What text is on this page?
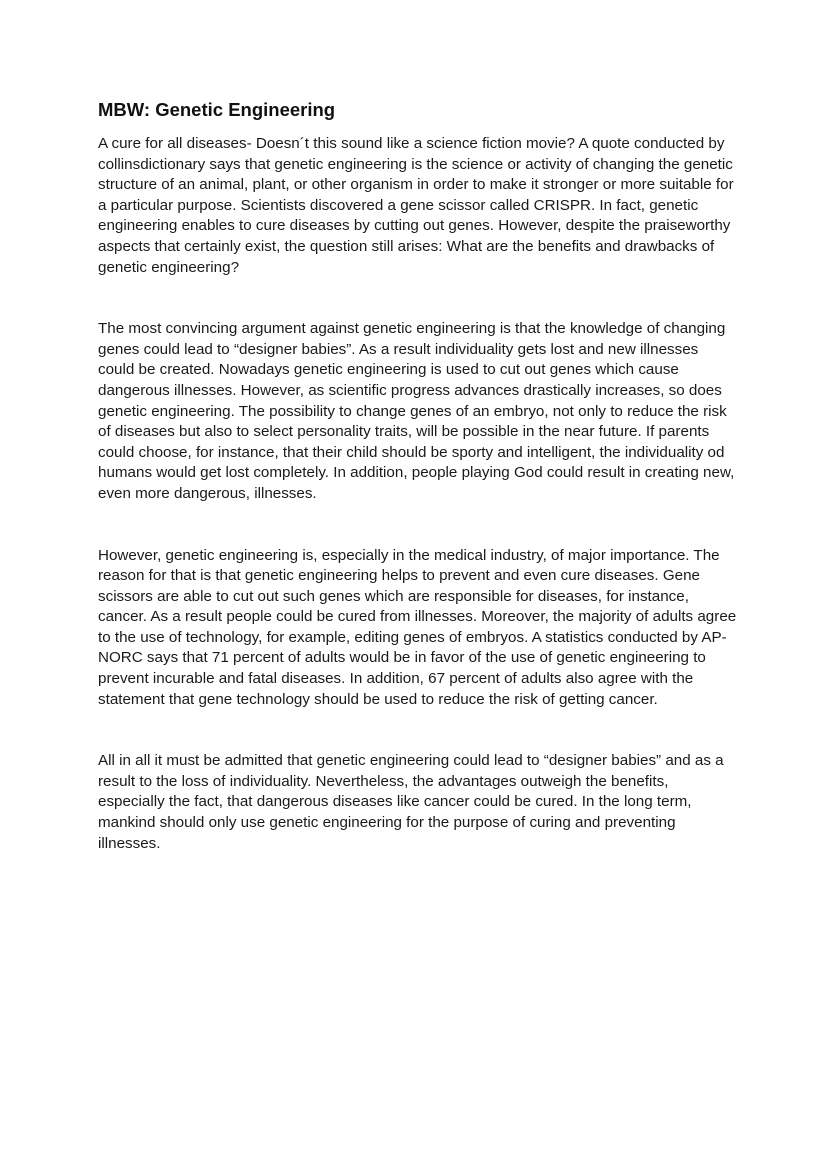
MBW: Genetic Engineering

A cure for all diseases- Doesn´t this sound like a science fiction movie? A quote conducted by collinsdictionary says that genetic engineering is the science or activity of changing the genetic structure of an animal, plant, or other organism in order to make it stronger or more suitable for a particular purpose. Scientists discovered a gene scissor called CRISPR. In fact, genetic engineering enables to cure diseases by cutting out genes. However, despite the praiseworthy aspects that certainly exist, the question still arises: What are the benefits and drawbacks of genetic engineering?

The most convincing argument against genetic engineering is that the knowledge of changing genes could lead to “designer babies”. As a result individuality gets lost and new illnesses could be created. Nowadays genetic engineering is used to cut out genes which cause dangerous illnesses. However, as scientific progress advances drastically increases, so does genetic engineering. The possibility to change genes of an embryo, not only to reduce the risk of diseases but also to select personality traits, will be possible in the near future. If parents could choose, for instance, that their child should be sporty and intelligent, the individuality od humans would get lost completely. In addition, people playing God could result in creating new, even more dangerous, illnesses.

However, genetic engineering is, especially in the medical industry, of major importance. The reason for that is that genetic engineering helps to prevent and even cure diseases. Gene scissors are able to cut out such genes which are responsible for diseases, for instance, cancer. As a result people could be cured from illnesses. Moreover, the majority of adults agree to the use of technology, for example, editing genes of embryos. A statistics conducted by AP-NORC says that 71 percent of adults would be in favor of the use of genetic engineering to prevent incurable and fatal diseases. In addition, 67 percent of adults also agree with the statement that gene technology should be used to reduce the risk of getting cancer.

All in all it must be admitted that genetic engineering could lead to “designer babies” and as a result to the loss of individuality. Nevertheless, the advantages outweigh the benefits, especially the fact, that dangerous diseases like cancer could be cured. In the long term, mankind should only use genetic engineering for the purpose of curing and preventing illnesses.
